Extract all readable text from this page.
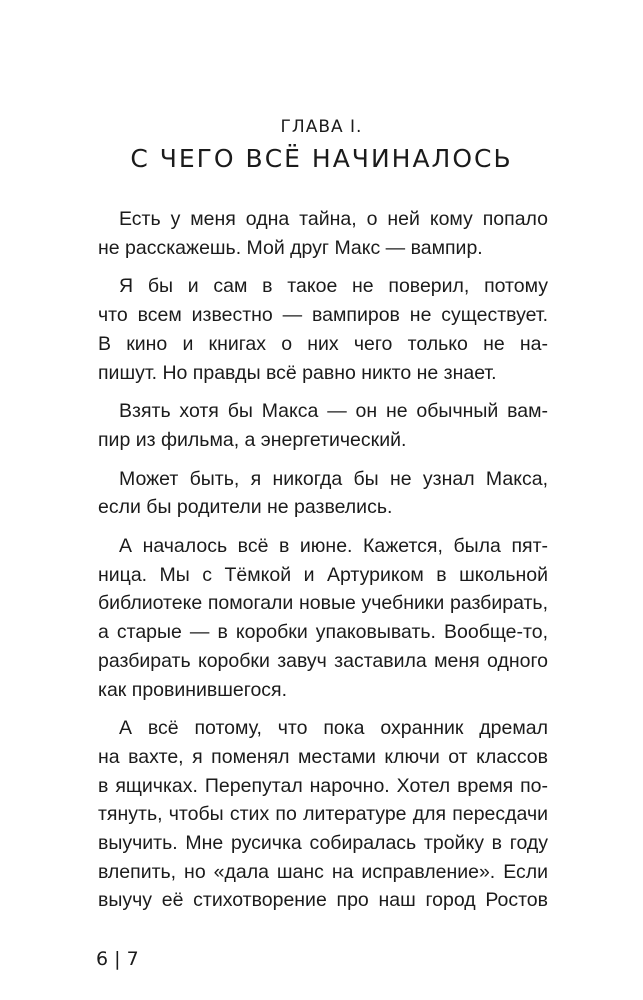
ГЛАВА I.
С ЧЕГО ВСЁ НАЧИНАЛОСЬ
Есть у меня одна тайна, о ней кому попало
не расскажешь. Мой друг Макс — вампир.
Я бы и сам в такое не поверил, потому
что всем известно — вампиров не существует.
В кино и книгах о них чего только не на-
пишут. Но правды всё равно никто не знает.
Взять хотя бы Макса — он не обычный вам-
пир из фильма, а энергетический.
Может быть, я никогда бы не узнал Макса,
если бы родители не развелись.
А началось всё в июне. Кажется, была пят-
ница. Мы с Тёмкой и Артуриком в школьной
библиотеке помогали новые учебники разбирать,
а старые — в коробки упаковывать. Вообще-то,
разбирать коробки завуч заставила меня одного
как провинившегося.
А всё потому, что пока охранник дремал
на вахте, я поменял местами ключи от классов
в ящичках. Перепутал нарочно. Хотел время по-
тянуть, чтобы стих по литературе для пересдачи
выучить. Мне русичка собиралась тройку в году
влепить, но «дала шанс на исправление». Если
выучу её стихотворение про наш город Ростов
6 | 7
